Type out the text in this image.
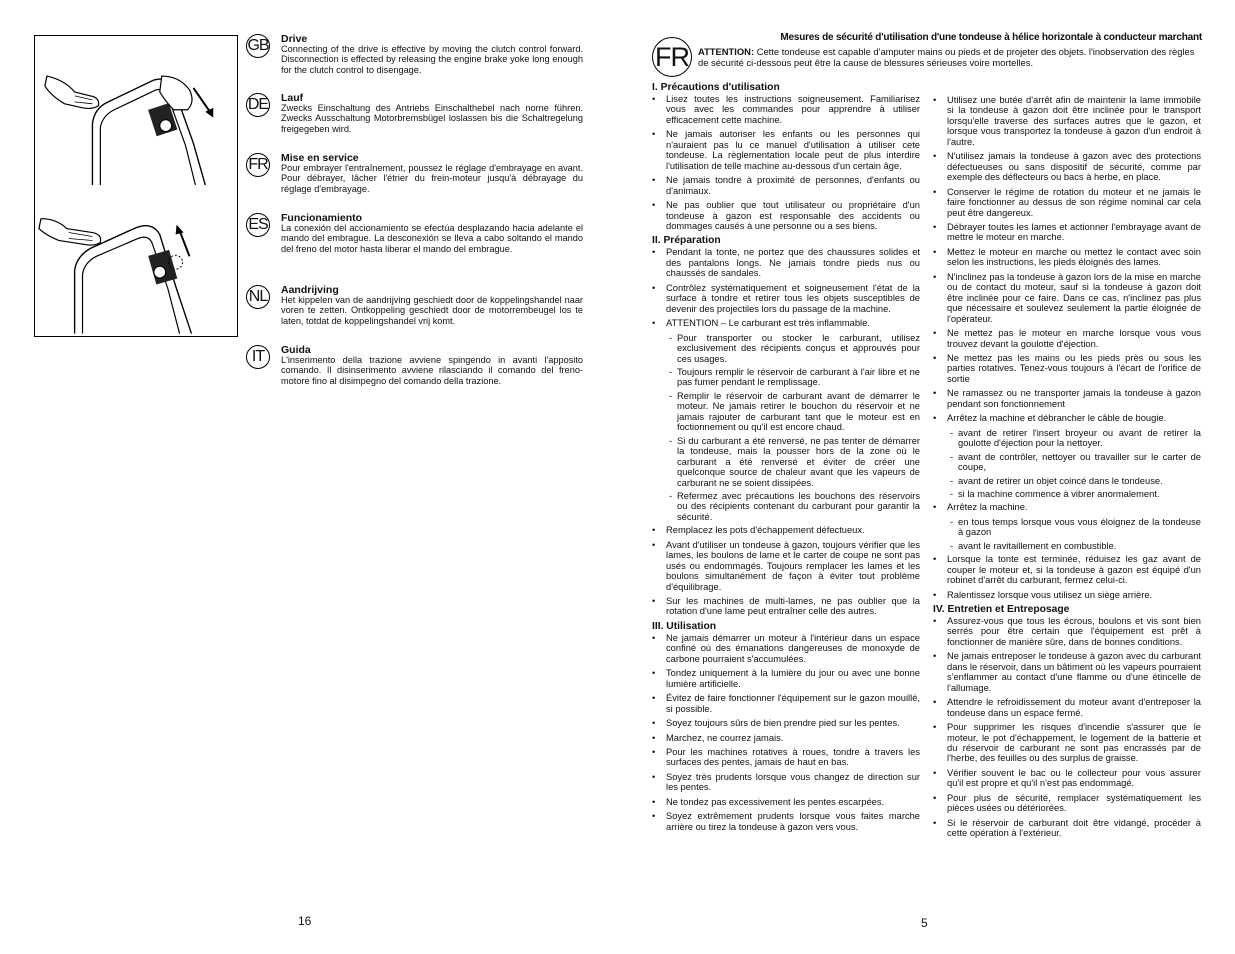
GB Drive

Connecting of the drive is effective by moving the clutch control forward. Disconnection is effected by releasing the engine brake yoke long enough for the clutch control to disengage.

DE Lauf

Zwecks Einschaltung des Antriebs Einschalthebel nach norne führen. Zwecks Ausschaltung Motorbremsbügel loslassen bis die Schaltregelung freigegeben wird.

FR Mise en service

Pour embrayer l'entraînement, poussez le réglage d'embrayage en avant. Pour débrayer, lâcher l'étrier du frein-moteur jusqu'à débrayage du réglage d'embrayage.

ES Funcionamiento

La conexión del accionamiento se efectúa desplazando hacia adelante el mando del embrague. La desconexión se lleva a cabo soltando el mando del freno del motor hasta liberar el mando del embrague.

NL Aandrijving

Het kippelen van de aandrijving geschiedt door de koppelingshandel naar voren te zetten. Ontkoppeling geschiedt door de motorrembeugel los te laten, totdat de koppelingshandel vrij komt.

IT	Guida

L'inserimento della trazione avviene spingendo in avanti l'apposito comando. Il disinserimento avviene rilasciando il comando del freno-motore fino al disimpegno del comando della trazione.

16
FR
Mesures de sécurité d'utilisation d'une tondeuse à hélice horizontale à conducteur marchant

ATTENTION: Cette tondeuse est capable d'amputer mains ou pieds et de projeter des objets. l'inobservation des règles de sécurité ci-dessous peut être la cause de blessures sérieuses voire mortelles.

I. Précautions d'utilisation
• Lisez toutes les instructions soigneusement. Familiarisez vous avec les commandes pour apprendre à utiliser efficacement cette machine.
• Ne jamais autoriser les enfants ou les personnes qui n'auraient pas lu ce manuel d'utilisation à utiliser cete tondeuse. La règlementation locale peut de plus interdire l'utilisation de telle machine au-dessous d'un certain âge.
• Ne jamais tondre à proximité de personnes, d'enfants ou d'animaux.
• Ne pas oublier que tout utilisateur ou propriétaire d'un tondeuse à gazon est responsable des accidents ou dommages causés à une personne ou a ses biens.
II. Préparation
• Pendant la tonte, ne portez que des chaussures solides et des pantalons longs. Ne jamais tondre pieds nus ou chaussés de sandales.
• Contrôlez systématiquement et soigneusement l'état de la surface à tondre et retirer tous les objets susceptibles de devenir des projectiles lors du passage de la machine.
• ATTENTION – Le carburant est très inflammable.
- Pour transporter ou stocker le carburant, utilisez exclusivement des récipients conçus et approuvés pour ces usages.
- Toujours remplir le réservoir de carburant à l'air libre et ne pas fumer pendant le remplissage.
- Remplir le réservoir de carburant avant de démarrer le moteur. Ne jamais retirer le bouchon du réservoir et ne jamais rajouter de carburant tant que le moteur est en foctionnement ou qu'il est encore chaud.
- Si du carburant a été renversé, ne pas tenter de démarrer la tondeuse, mais la pousser hors de la zone où le carburant a été renversé et éviter de créer une quelconque source de chaleur avant que les vapeurs de carburant ne se soient dissipées.
- Refermez avec précautions les bouchons des réservoirs ou des récipients contenant du carburant pour garantir la sécurité.
• Remplacez les pots d'échappement défectueux.
• Avant d'utiliser un tondeuse à gazon, toujours vérifier que les lames, les boulons de lame et le carter de coupe ne sont pas usés ou endommagés. Toujours remplacer les lames et les boulons simultanément de façon à éviter tout problème d'équilibrage.
• Sur les machines de multi-lames, ne pas oublier que la rotation d'une lame peut entraîner celle des autres.
III. Utilisation
• Ne jamais démarrer un moteur à l'intérieur dans un espace confiné où des émanations dangereuses de monoxyde de carbone pourraient s'accumulées.
• Tondez uniquement à la lumière du jour ou avec une bonne lumière artificielle.
• Évitez de faire fonctionner l'équipement sur le gazon mouillé, si possible.
• Soyez toujours sûrs de bien prendre pied sur les pentes.
• Marchez, ne courrez jamais.
• Pour les machines rotatives à roues, tondre à travers les surfaces des pentes, jamais de haut en bas.
• Soyez très prudents lorsque vous changez de direction sur les pentes.
• Ne tondez pas excessivement les pentes escarpées.
• Soyez extrêmement prudents lorsque vous faites marche arrière ou tirez la tondeuse à gazon vers vous.
• Utilisez une butée d'arrêt afin de maintenir la lame immobile si la tondeuse à gazon doit être inclinée pour le transport lorsqu'elle traverse des surfaces autres que le gazon, et lorsque vous transportez la tondeuse à gazon d'un endroit à l'autre.
• N'utilisez jamais la tondeuse à gazon avec des protections défectueuses ou sans dispositif de sécurité, comme par exemple des déflecteurs ou bacs à herbe, en place.
• Conserver le régime de rotation du moteur et ne jamais le faire fonctionner au dessus de son régime nominal car cela peut être dangereux.
• Débrayer toutes les lames et actionner l'embrayage avant de mettre le moteur en marche.
• Mettez le moteur en marche ou mettez le contact avec soin selon les instructions, les pieds éloignés des lames.
• N'inclinez pas la tondeuse à gazon lors de la mise en marche ou de contact du moteur, sauf si la tondeuse à gazon doit être inclinée pour ce faire. Dans ce cas, n'inclinez pas plus que nécessaire et soulevez seulement la partie éloignée de l'opérateur.
• Ne mettez pas le moteur en marche lorsque vous vous trouvez devant la goulotte d'éjection.
• Ne mettez pas les mains ou les pieds près ou sous les parties rotatives. Tenez-vous toujours à l'écart de l'orifice de sortie
• Ne ramassez ou ne transporter jamais la tondeuse à gazon pendant son fonctionnement
• Arrêtez la machine et débrancher le câble de bougie.
- avant de retirer l'insert broyeur ou avant de retirer la goulotte d'éjection pour la nettoyer.
- avant de contrôler, nettoyer ou travailler sur le carter de coupe,
- avant de retirer un objet coincé dans le tondeuse.
- si la machine commence à vibrer anormalement.
• Arrêtez la machine.
- en tous temps lorsque vous vous éloignez de la tondeuse à gazon
- avant le ravitaillement en combustible.
• Lorsque la tonte est terminée, réduisez les gaz avant de couper le moteur et, si la tondeuse à gazon est équipé d'un robinet d'arrêt du carburant, fermez celui-ci.
• Ralentissez lorsque vous utilisez un siège arrière.
IV. Entretien et Entreposage
• Assurez-vous que tous les écrous, boulons et vis sont bien serrés pour être certain que l'équipement est prêt à fonctionner de manière sûre, dans de bonnes conditions.
• Ne jamais entreposer le tondeuse à gazon avec du carburant dans le réservoir, dans un bâtiment où les vapeurs pourraient s'enflammer au contact d'une flamme ou d'une étincelle de l'allumage.
• Attendre le refroidissement du moteur avant d'entreposer la tondeuse dans un espace fermé.
• Pour supprimer les risques d'incendie s'assurer que le moteur, le pot d'échappement, le logement de la batterie et du réservoir de carburant ne sont pas encrassés par de l'herbe, des feuilles ou des surplus de graisse.
• Vérifier souvent le bac ou le collecteur pour vous assurer qu'il est propre et qu'il n'est pas endommagé.
• Pour plus de sécurité, remplacer systématiquement les pièces usées ou détériorées.
• Si le réservoir de carburant doit être vidangé, procéder à cette opération à l'extérieur.
5
